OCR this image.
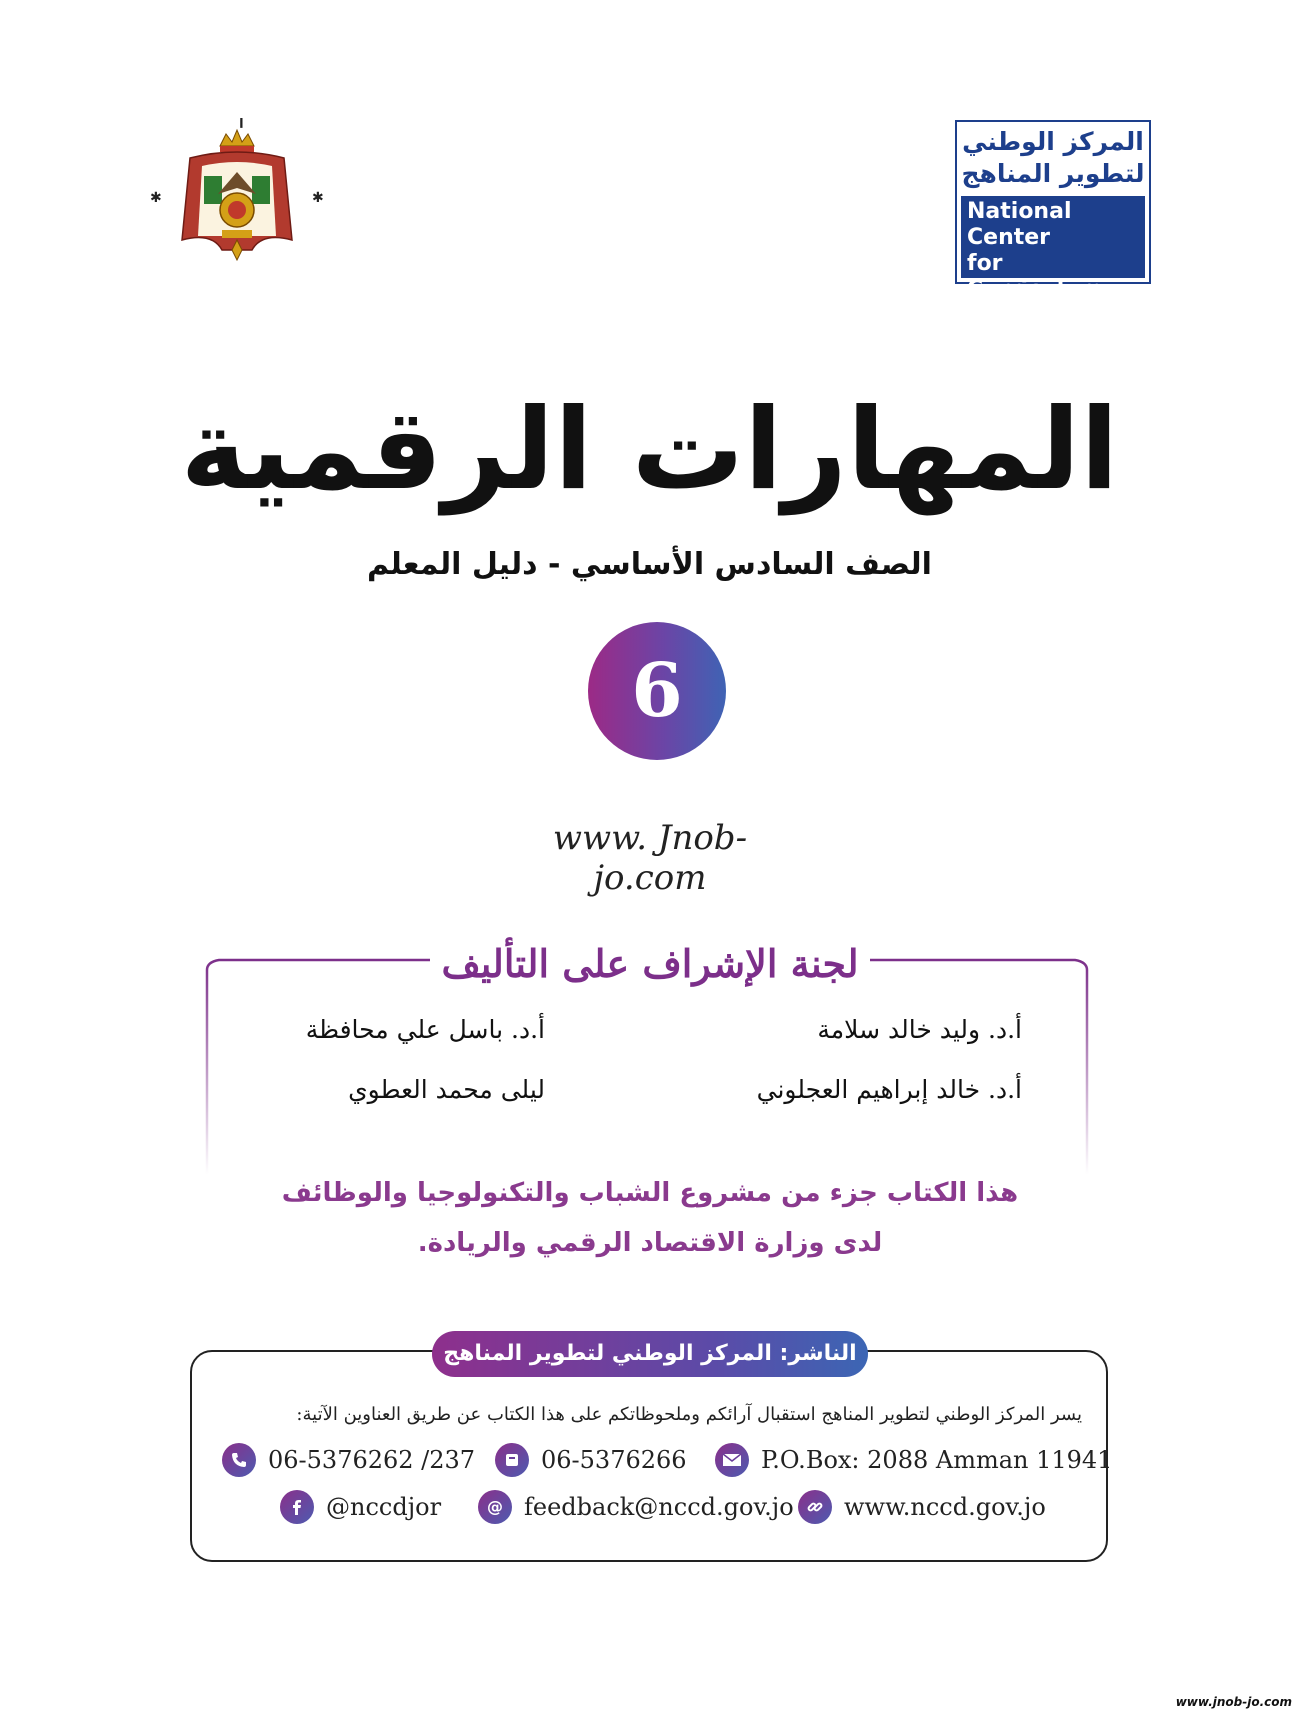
ا
✱	✱
المركز الوطني
لتطوير المناهج
National Center
for Curriculum
Development
المهارات الرقمية
الصف السادس الأساسي - دليل المعلم
6
www. Jnob-jo.com
لجنة الإشراف على التأليف
أ.د. وليد خالد سلامة
أ.د. باسل علي محافظة
أ.د. خالد إبراهيم العجلوني
ليلى محمد العطوي
هذا الكتاب جزء من مشروع الشباب والتكنولوجيا والوظائف
لدى وزارة الاقتصاد الرقمي والريادة.
الناشر: المركز الوطني لتطوير المناهج
يسر المركز الوطني لتطوير المناهج استقبال آرائكم وملحوظاتكم على هذا الكتاب عن طريق العناوين الآتية:
06-5376262 /237	06-5376266	P.O.Box: 2088 Amman 11941
@nccdjor	@ feedback@nccd.gov.jo www.nccd.gov.jo
www.jnob-jo.com
